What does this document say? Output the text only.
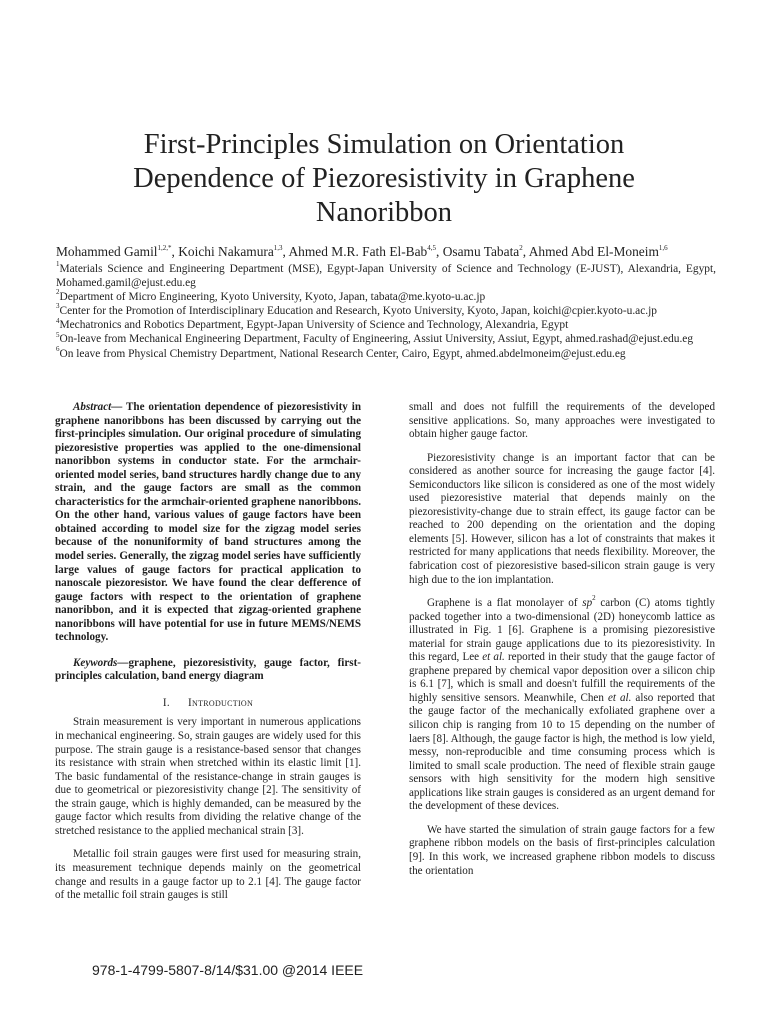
First-Principles Simulation on Orientation Dependence of Piezoresistivity in Graphene Nanoribbon
Mohammed Gamil$^{1,2,*}$, Koichi Nakamura$^{1,3}$, Ahmed M.R. Fath El-Bab$^{4,5}$, Osamu Tabata$^2$, Ahmed Abd El-Moneim$^{1,6}$

$^1$Materials Science and Engineering Department (MSE), Egypt-Japan University of Science and Technology (E-JUST), Alexandria, Egypt, Mohamed.gamil@ejust.edu.eg

$^2$Department of Micro Engineering, Kyoto University, Kyoto, Japan, tabata@me.kyoto-u.ac.jp

$^3$Center for the Promotion of Interdisciplinary Education and Research, Kyoto University, Kyoto, Japan, koichi@cpier.kyoto-u.ac.jp

$^4$Mechatronics and Robotics Department, Egypt-Japan University of Science and Technology, Alexandria, Egypt

$^5$On-leave from Mechanical Engineering Department, Faculty of Engineering, Assiut University, Assiut, Egypt, ahmed.rashad@ejust.edu.eg

$^6$On leave from Physical Chemistry Department, National Research Center, Cairo, Egypt, ahmed.abdelmoneim@ejust.edu.eg

Abstract— The orientation dependence of piezoresistivity in graphene nanoribbons has been discussed by carrying out the first-principles simulation. Our original procedure of simulating piezoresistive properties was applied to the one-dimensional nanoribbon systems in conductor state. For the armchair-oriented model series, band structures hardly change due to any strain, and the gauge factors are small as the common characteristics for the armchair-oriented graphene nanoribbons. On the other hand, various values of gauge factors have been obtained according to model size for the zigzag model series because of the nonuniformity of band structures among the model series. Generally, the zigzag model series have sufficiently large values of gauge factors for practical application to nanoscale piezoresistor. We have found the clear defference of gauge factors with respect to the orientation of graphene nanoribbon, and it is expected that zigzag-oriented graphene nanoribbons will have potential for use in future MEMS/NEMS technology.

Keywords—graphene, piezoresistivity, gauge factor, first-principles calculation, band energy diagram

I. Introduction

Strain measurement is very important in numerous applications in mechanical engineering. So, strain gauges are widely used for this purpose. The strain gauge is a resistance-based sensor that changes its resistance with strain when stretched within its elastic limit [1]. The basic fundamental of the resistance-change in strain gauges is due to geometrical or piezoresistivity change [2]. The sensitivity of the strain gauge, which is highly demanded, can be measured by the gauge factor which results from dividing the relative change of the stretched resistance to the applied mechanical strain [3].

Metallic foil strain gauges were first used for measuring strain, its measurement technique depends mainly on the geometrical change and results in a gauge factor up to 2.1 [4]. The gauge factor of the metallic foil strain gauges is still

small and does not fulfill the requirements of the developed sensitive applications. So, many approaches were investigated to obtain higher gauge factor.

Piezoresistivity change is an important factor that can be considered as another source for increasing the gauge factor [4]. Semiconductors like silicon is considered as one of the most widely used piezoresistive material that depends mainly on the piezoresistivity-change due to strain effect, its gauge factor can be reached to 200 depending on the orientation and the doping elements [5]. However, silicon has a lot of constraints that makes it restricted for many applications that needs flexibility. Moreover, the fabrication cost of piezoresistive based-silicon strain gauge is very high due to the ion implantation.

Graphene is a flat monolayer of $sp^2$ carbon (C) atoms tightly packed together into a two-dimensional (2D) honeycomb lattice as illustrated in Fig. 1 [6]. Graphene is a promising piezoresistive material for strain gauge applications due to its piezoresistivity. In this regard, Lee et al. reported in their study that the gauge factor of graphene prepared by chemical vapor deposition over a silicon chip is 6.1 [7], which is small and doesn't fulfill the requirements of the highly sensitive sensors. Meanwhile, Chen et al. also reported that the gauge factor of the mechanically exfoliated graphene over a silicon chip is ranging from 10 to 15 depending on the number of laers [8]. Although, the gauge factor is high, the method is low yield, messy, non-reproducible and time consuming process which is limited to small scale production. The need of flexible strain gauge sensors with high sensitivity for the modern high sensitive applications like strain gauges is considered as an urgent demand for the development of these devices.

We have started the simulation of strain gauge factors for a few graphene ribbon models on the basis of first-principles calculation [9]. In this work, we increased graphene ribbon models to discuss the orientation

978-1-4799-5807-8/14/$31.00 @2014 IEEE
